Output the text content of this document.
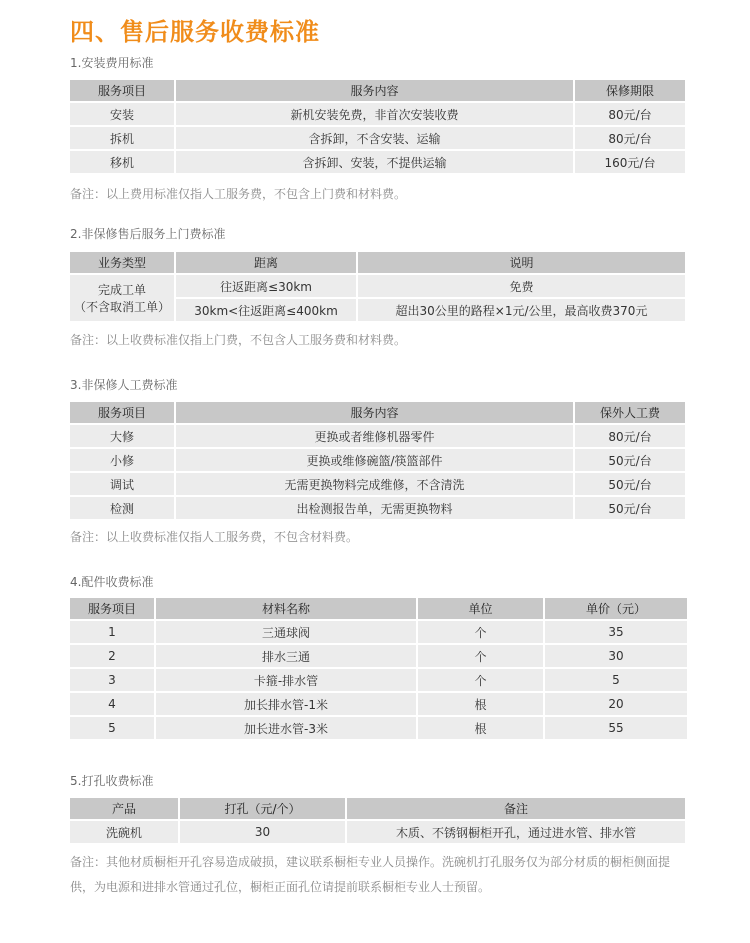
四、售后服务收费标准
1.安装费用标准
服务项目	服务内容	保修期限
安装	新机安装免费，非首次安装收费	80元/台
拆机	含拆卸，不含安装、运输	80元/台
移机	含拆卸、安装，不提供运输	160元/台
备注：以上费用标准仅指人工服务费，不包含上门费和材料费。
2.非保修售后服务上门费标准
业务类型	距离	说明

完成工单
（不含取消工单）	往返距离≤30km	免费
	30km<往返距离≤400km	超出30公里的路程×1元/公里，最高收费370元
备注：以上收费标准仅指上门费，不包含人工服务费和材料费。
3.非保修人工费标准
服务项目	服务内容	保外人工费
大修	更换或者维修机器零件	80元/台
小修	更换或维修碗篮/筷篮部件	50元/台
调试	无需更换物料完成维修，不含清洗	50元/台
检测	出检测报告单，无需更换物料	50元/台
备注：以上收费标准仅指人工服务费，不包含材料费。
4.配件收费标准
服务项目	材料名称	单位	单价（元）
1	三通球阀	个	35
2	排水三通	个	30
3	卡箍-排水管	个	5
4	加长排水管-1米	根	20
5	加长进水管-3米	根	55
5.打孔收费标准
产品	打孔（元/个）	备注
洗碗机	30	木质、不锈钢橱柜开孔，通过进水管、排水管
备注：其他材质橱柜开孔容易造成破损，建议联系橱柜专业人员操作。洗碗机打孔服务仅为部分材质的橱柜侧面提供，为电源和进排水管通过孔位，橱柜正面孔位请提前联系橱柜专业人士预留。
